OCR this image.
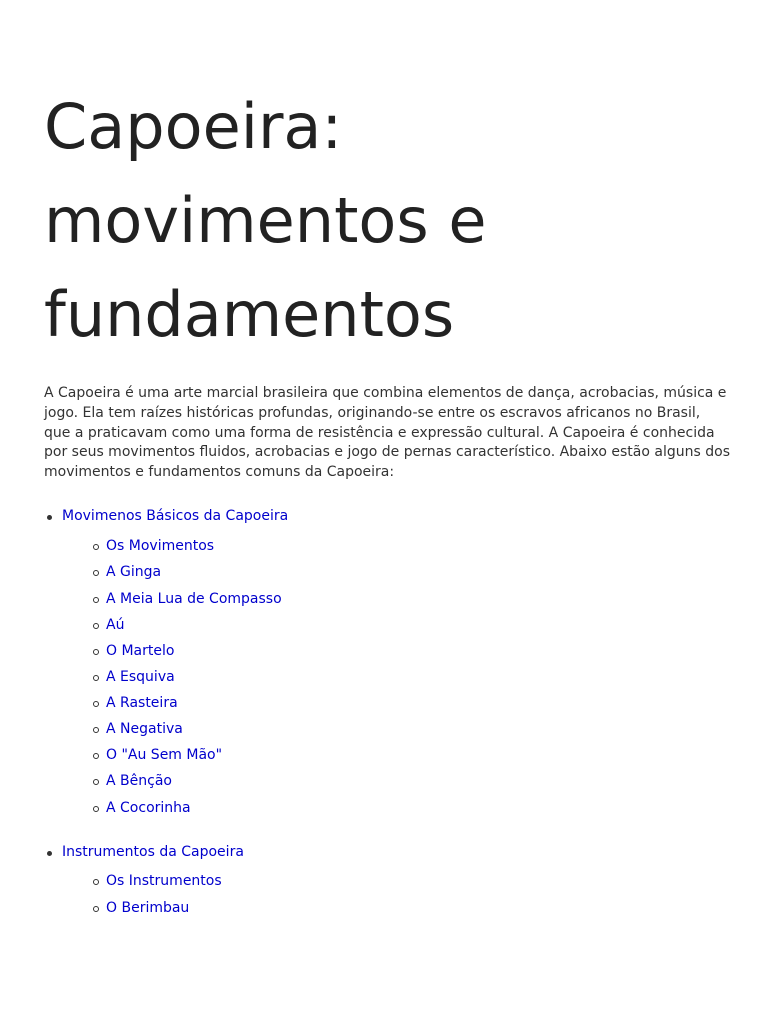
Capoeira: movimentos e fundamentos

A Capoeira é uma arte marcial brasileira que combina elementos de dança, acrobacias, música e jogo. Ela tem raízes históricas profundas, originando-se entre os escravos africanos no Brasil, que a praticavam como uma forma de resistência e expressão cultural. A Capoeira é conhecida por seus movimentos fluidos, acrobacias e jogo de pernas característico. Abaixo estão alguns dos movimentos e fundamentos comuns da Capoeira:

Movimenos Básicos da Capoeira
Os Movimentos
A Ginga
A Meia Lua de Compasso
Aú
O Martelo
A Esquiva
A Rasteira
A Negativa
O "Au Sem Mão"
A Bênção
A Cocorinha
Instrumentos da Capoeira
Os Instrumentos
O Berimbau
